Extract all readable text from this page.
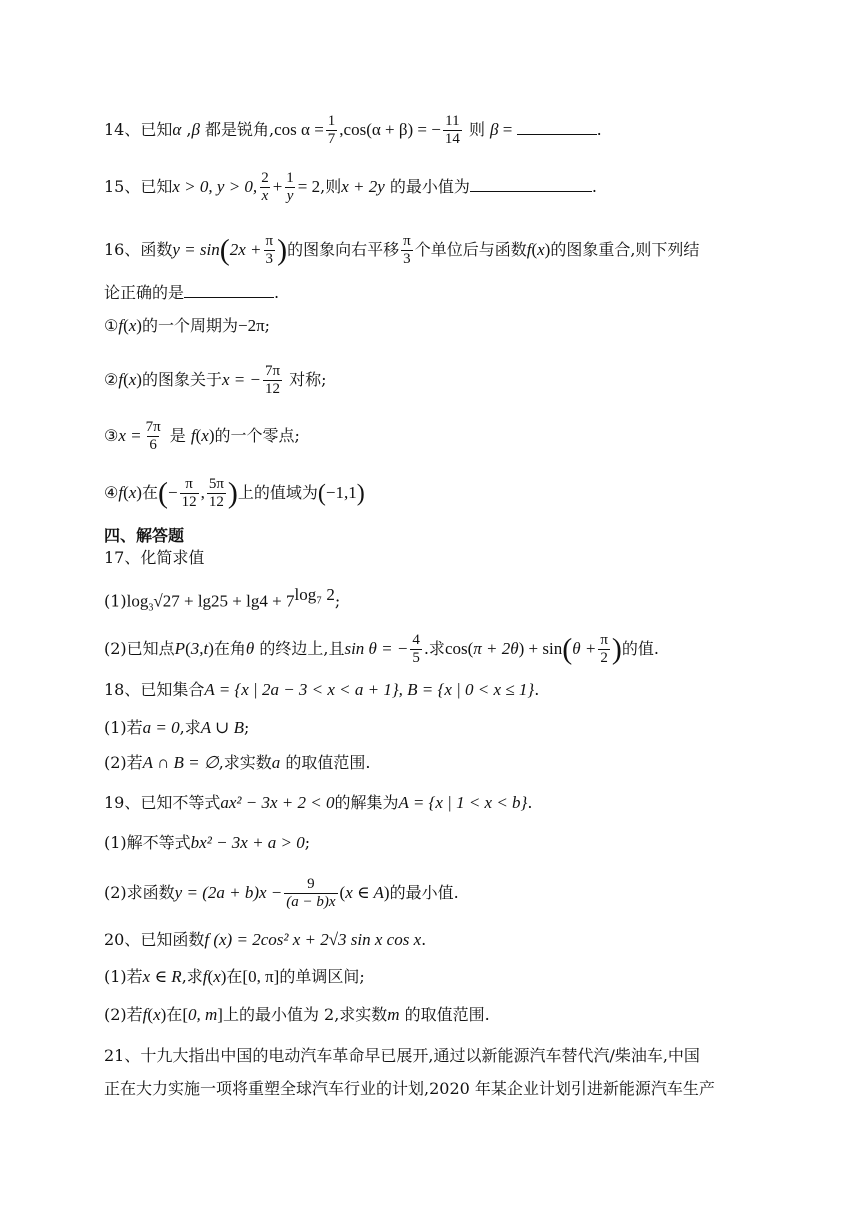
14、已知α ,β 都是锐角,cos $\alpha = \frac{1}{7} ,\cos(\alpha + \beta)$ = − $\frac{11}{14}$ 则 β =	.
15、已知x > 0, y > 0, $\frac{2}{x} + \frac{1}{y} = 2$,则x + 2y 的最小值为	.
16、函数$y = \sin(2x + \frac{\pi}{3}$ )的图象向右平移 $\frac{\pi}{3}$ 个单位后与函数f(x)的图象重合,则下列结
论正确的是	.
①f(x)的一个周期为−2π;
②f(x)的图象关于x = − $\frac{7\pi}{12}$ 对称;
③x = $\frac{7\pi}{6}$ 是 f(x)的一个零点;
④f(x)在(− $\frac{\pi}{12}$ , $\frac{5\pi}{12}$ )上的值域为(−1,1)
四、解答题
17、化简求值
$(1)\log_3√27 + \lg 25 + \lg 4 + 7^{log_7 2}$;
(2)已知点P(3,t)在角θ 的终边上,且sin θ = − $\frac{4}{5}$ .求$\cos(\pi + 2\theta) + \sin(\theta + \frac{\pi}{2}$ )的值.
18、已知集合A = {x | 2a − 3 < x < a + 1}, B = {x | 0 < x ≤ 1}.
(1)若a = 0,求A ∪ B;
(2)若A ∩ B = ∅,求实数a 的取值范围.
19、已知不等式ax² − 3x + 2 < 0的解集为A = {x | 1 < x < b}.
(1)解不等式bx² − 3x + a > 0;
(2)求函数$y = (2a + b)x - \frac{9}{(a - b)x} (x$ ∈ A)的最小值.
20、已知函数f (x) = 2cos² x + 2√3 sin x cos x.
(1)若x ∈ R,求f(x)在[0, π]的单调区间;
(2)若f(x)在[0, m]上的最小值为 2,求实数m 的取值范围.
21、十九大指出中国的电动汽车革命早已展开,通过以新能源汽车替代汽/柴油车,中国
正在大力实施一项将重塑全球汽车行业的计划,2020 年某企业计划引进新能源汽车生产
